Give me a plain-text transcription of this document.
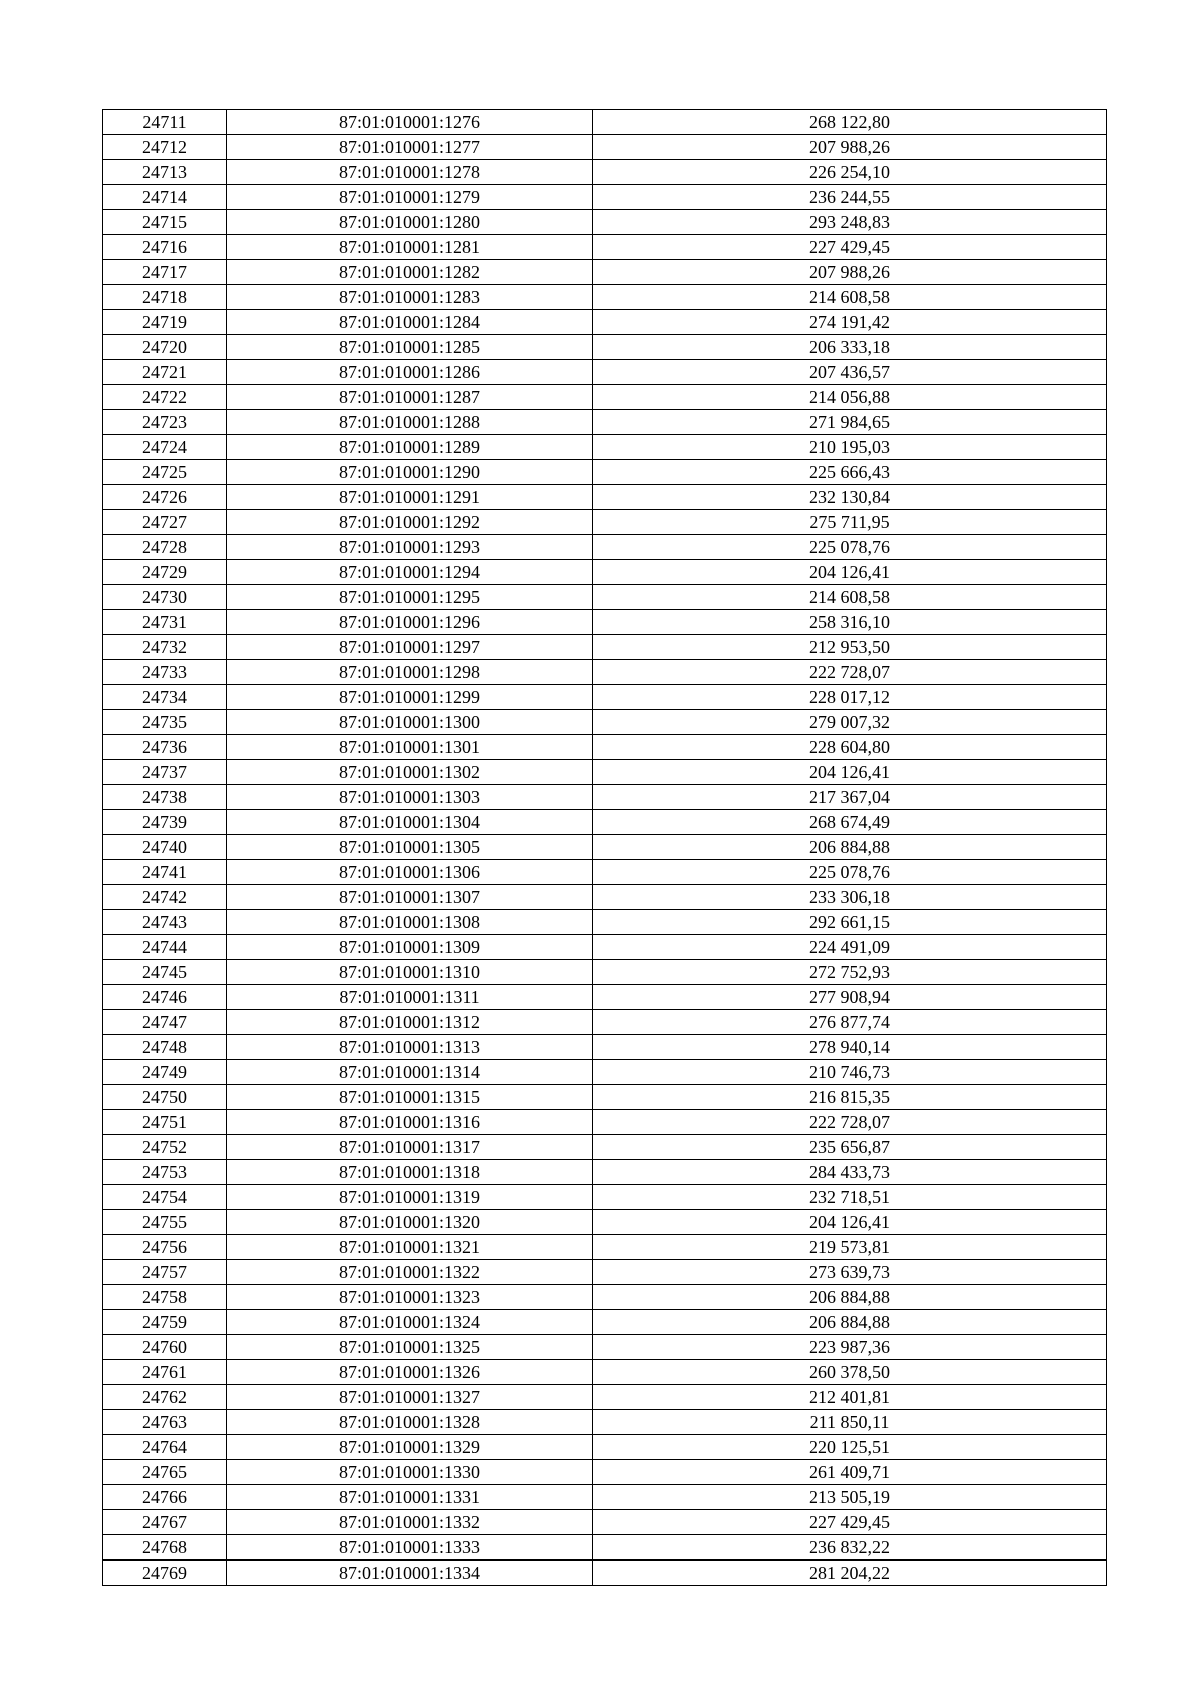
24711	87:01:010001:1276	268 122,80
24712	87:01:010001:1277	207 988,26
24713	87:01:010001:1278	226 254,10
24714	87:01:010001:1279	236 244,55
24715	87:01:010001:1280	293 248,83
24716	87:01:010001:1281	227 429,45
24717	87:01:010001:1282	207 988,26
24718	87:01:010001:1283	214 608,58
24719	87:01:010001:1284	274 191,42
24720	87:01:010001:1285	206 333,18
24721	87:01:010001:1286	207 436,57
24722	87:01:010001:1287	214 056,88
24723	87:01:010001:1288	271 984,65
24724	87:01:010001:1289	210 195,03
24725	87:01:010001:1290	225 666,43
24726	87:01:010001:1291	232 130,84
24727	87:01:010001:1292	275 711,95
24728	87:01:010001:1293	225 078,76
24729	87:01:010001:1294	204 126,41
24730	87:01:010001:1295	214 608,58
24731	87:01:010001:1296	258 316,10
24732	87:01:010001:1297	212 953,50
24733	87:01:010001:1298	222 728,07
24734	87:01:010001:1299	228 017,12
24735	87:01:010001:1300	279 007,32
24736	87:01:010001:1301	228 604,80
24737	87:01:010001:1302	204 126,41
24738	87:01:010001:1303	217 367,04
24739	87:01:010001:1304	268 674,49
24740	87:01:010001:1305	206 884,88
24741	87:01:010001:1306	225 078,76
24742	87:01:010001:1307	233 306,18
24743	87:01:010001:1308	292 661,15
24744	87:01:010001:1309	224 491,09
24745	87:01:010001:1310	272 752,93
24746	87:01:010001:1311	277 908,94
24747	87:01:010001:1312	276 877,74
24748	87:01:010001:1313	278 940,14
24749	87:01:010001:1314	210 746,73
24750	87:01:010001:1315	216 815,35
24751	87:01:010001:1316	222 728,07
24752	87:01:010001:1317	235 656,87
24753	87:01:010001:1318	284 433,73
24754	87:01:010001:1319	232 718,51
24755	87:01:010001:1320	204 126,41
24756	87:01:010001:1321	219 573,81
24757	87:01:010001:1322	273 639,73
24758	87:01:010001:1323	206 884,88
24759	87:01:010001:1324	206 884,88
24760	87:01:010001:1325	223 987,36
24761	87:01:010001:1326	260 378,50
24762	87:01:010001:1327	212 401,81
24763	87:01:010001:1328	211 850,11
24764	87:01:010001:1329	220 125,51
24765	87:01:010001:1330	261 409,71
24766	87:01:010001:1331	213 505,19
24767	87:01:010001:1332	227 429,45
24768	87:01:010001:1333	236 832,22
24769	87:01:010001:1334	281 204,22
